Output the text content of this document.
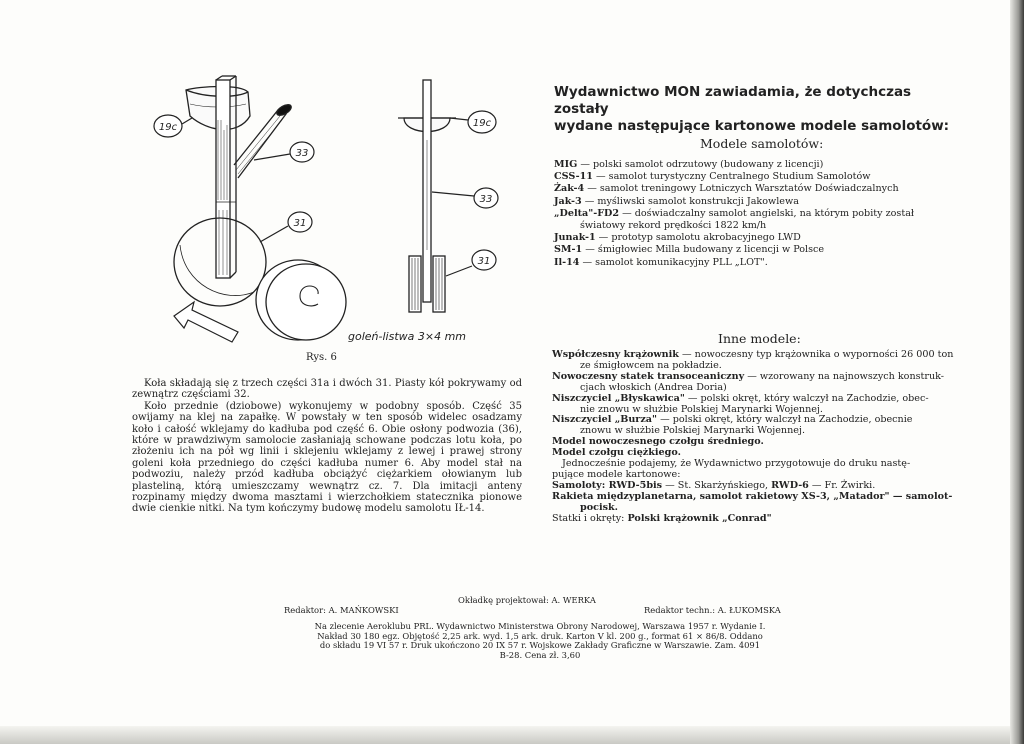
19c
33
31
19c
33
31
goleń-listwa 3×4 mm
Rys. 6

Koła składają się z trzech części 31a i dwóch 31. Piasty kół pokrywamy od zewnątrz częściami 32.

Koło przednie (dziobowe) wykonujemy w podobny sposób. Część 35 owijamy na klej na zapałkę. W powstały w ten sposób widelec osadzamy koło i całość wklejamy do kadłuba pod część 6. Obie osłony podwozia (36), które w prawdziwym samolocie zasłaniają schowane podczas lotu koła, po złożeniu ich na pół wg linii i sklejeniu wklejamy z lewej i prawej strony goleni koła przedniego do części kadłuba numer 6. Aby model stał na podwoziu, należy przód kadłuba obciążyć ciężarkiem ołowianym lub plasteliną, którą umieszczamy wewnątrz cz. 7. Dla imitacji anteny rozpinamy między dwoma masztami i wierzchołkiem statecznika pionowe dwie cienkie nitki. Na tym kończymy budowę modelu samolotu IŁ-14.

Wydawnictwo MON zawiadamia, że dotychczas zostały
wydane następujące kartonowe modele samolotów:
Modele samolotów:
MIG — polski samolot odrzutowy (budowany z licencji)
CSS-11 — samolot turystyczny Centralnego Studium Samolotów
Żak-4 — samolot treningowy Lotniczych Warsztatów Doświadczalnych
Jak-3 — myśliwski samolot konstrukcji Jakowlewa
„Delta"-FD2 — doświadczalny samolot angielski, na którym pobity został
światowy rekord prędkości 1822 km/h
Junak-1 — prototyp samolotu akrobacyjnego LWD
SM-1 — śmigłowiec Milla budowany z licencji w Polsce
Il-14 — samolot komunikacyjny PLL „LOT".
Inne modele:
Współczesny krążownik — nowoczesny typ krążownika o wyporności 26 000 ton
ze śmigłowcem na pokładzie.
Nowoczesny statek transoceaniczny — wzorowany na najnowszych konstruk-
cjach włoskich (Andrea Doria)
Niszczyciel „Błyskawica" — polski okręt, który walczył na Zachodzie, obec-
nie znowu w służbie Polskiej Marynarki Wojennej.
Niszczyciel „Burza" — polski okręt, który walczył na Zachodzie, obecnie
znowu w służbie Polskiej Marynarki Wojennej.
Model nowoczesnego czołgu średniego.
Model czołgu ciężkiego.
Jednocześnie podajemy, że Wydawnictwo przygotowuje do druku nastę-
pujące modele kartonowe:
Samoloty: RWD-5bis — St. Skarżyńskiego, RWD-6 — Fr. Żwirki.
Rakieta międzyplanetarna, samolot rakietowy XS-3, „Matador" — samolot-
pocisk.
Statki i okręty: Polski krążownik „Conrad"
Okładkę projektował: A. WERKA
Redaktor: A. MAŃKOWSKI	Redaktor techn.: A. ŁUKOMSKA
Na zlecenie Aeroklubu PRL. Wydawnictwo Ministerstwa Obrony Narodowej, Warszawa 1957 r. Wydanie I.
Nakład 30 180 egz. Objętość 2,25 ark. wyd. 1,5 ark. druk. Karton V kl. 200 g., format 61 × 86/8. Oddano
do składu 19 VI 57 r. Druk ukończono 20 IX 57 r. Wojskowe Zakłady Graficzne w Warszawie. Zam. 4091
B-28. Cena zł. 3,60
